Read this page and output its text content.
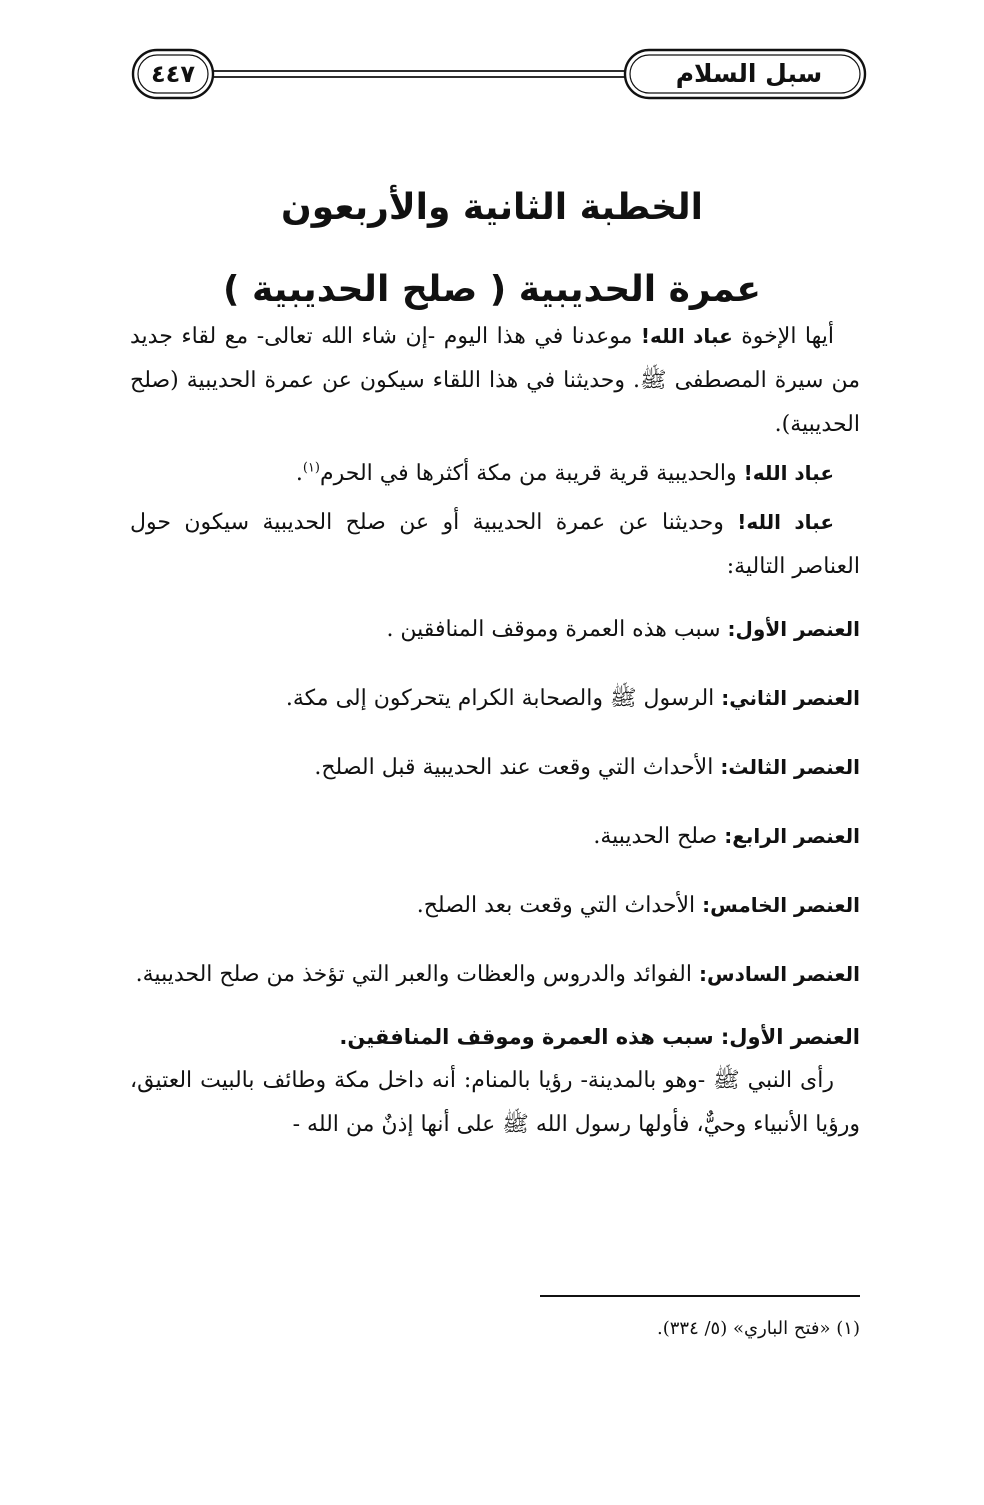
سبل السلام
٤٤٧
الخطبة الثانية والأربعون
عمرة الحديبية ( صلح الحديبية )

أيها الإخوة عباد الله! موعدنا في هذا اليوم -إن شاء الله تعالى- مع لقاء جديد من سيرة المصطفى ﷺ. وحديثنا في هذا اللقاء سيكون عن عمرة الحديبية (صلح الحديبية).

عباد الله! والحديبية قرية قريبة من مكة أكثرها في الحرم$^{(١)}$.

عباد الله! وحديثنا عن عمرة الحديبية أو عن صلح الحديبية سيكون حول العناصر التالية:

العنصر الأول: سبب هذه العمرة وموقف المنافقين .
العنصر الثاني: الرسول ﷺ والصحابة الكرام يتحركون إلى مكة.
العنصر الثالث: الأحداث التي وقعت عند الحديبية قبل الصلح.
العنصر الرابع: صلح الحديبية.
العنصر الخامس: الأحداث التي وقعت بعد الصلح.
العنصر السادس: الفوائد والدروس والعظات والعبر التي تؤخذ من صلح الحديبية.
العنصر الأول: سبب هذه العمرة وموقف المنافقين.

رأى النبي ﷺ -وهو بالمدينة- رؤيا بالمنام: أنه داخل مكة وطائف بالبيت العتيق، ورؤيا الأنبياء وحيٌّ، فأولها رسول الله ﷺ على أنها إذنٌ من الله -

(١) «فتح الباري» (٥/ ٣٣٤).
